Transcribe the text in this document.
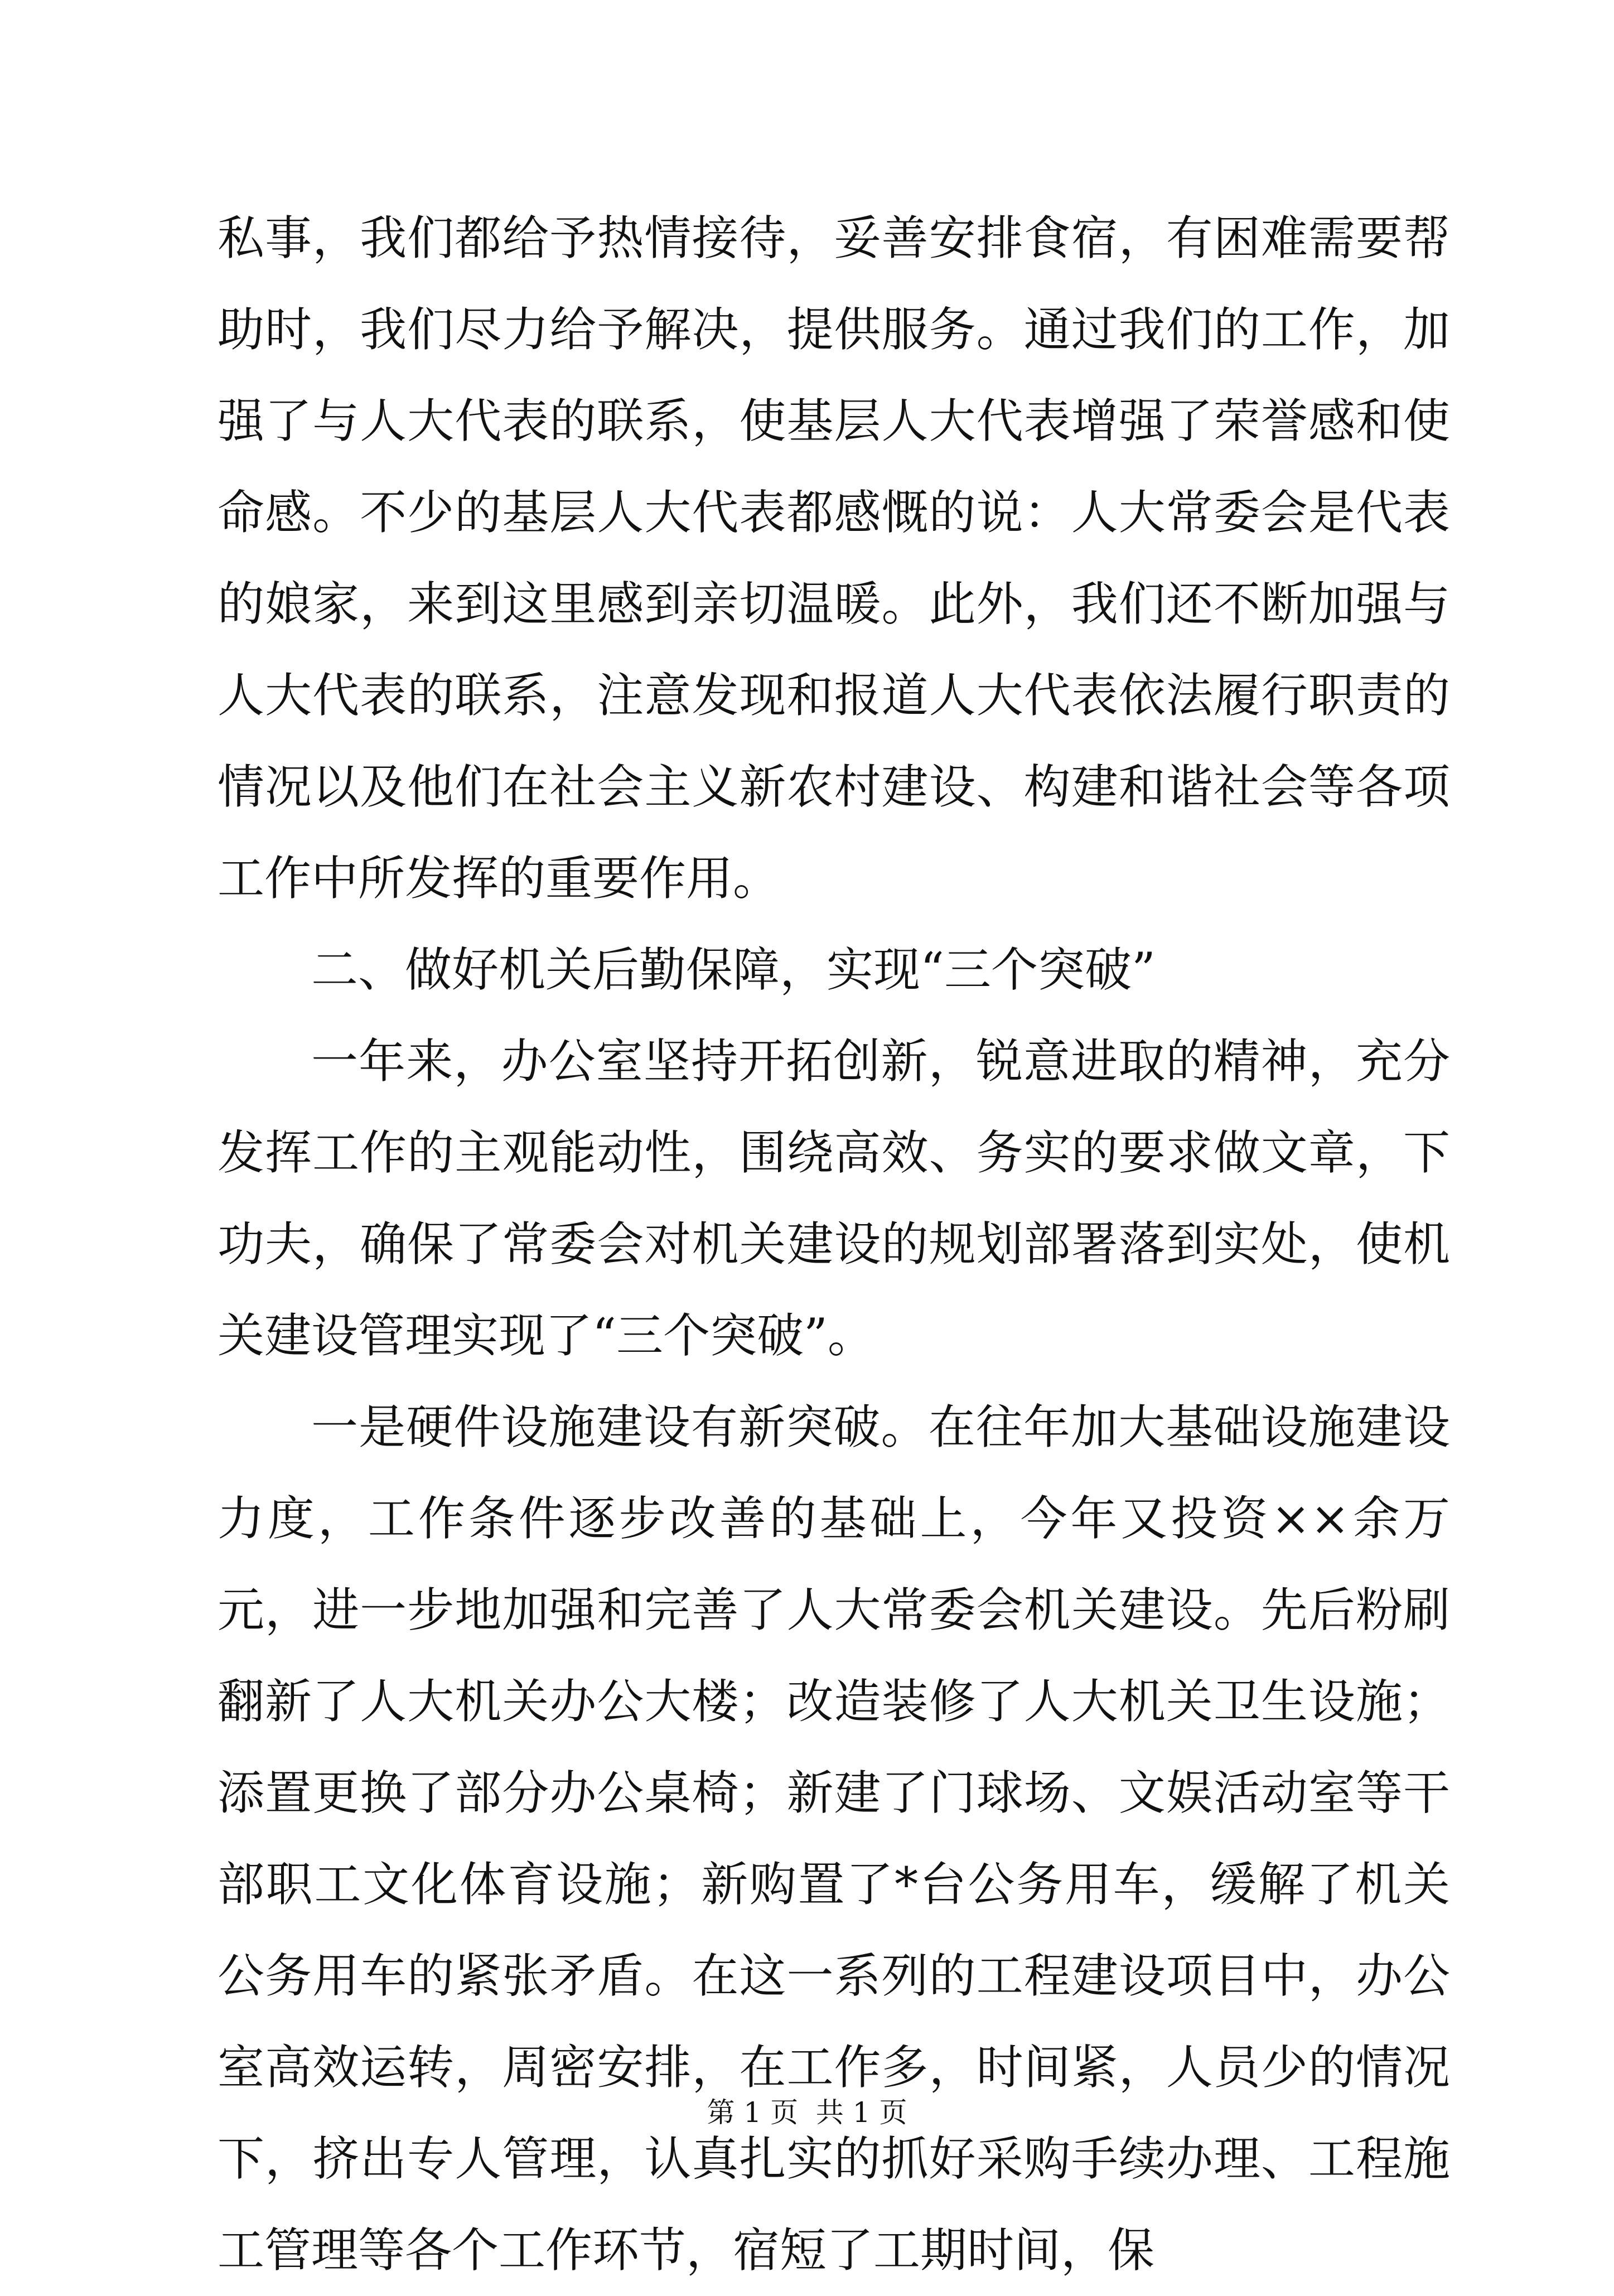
私事，我们都给予热情接待，妥善安排食宿，有困难需要帮助时，我们尽力给予解决，提供服务。通过我们的工作，加强了与人大代表的联系，使基层人大代表增强了荣誉感和使命感。不少的基层人大代表都感慨的说：人大常委会是代表的娘家，来到这里感到亲切温暖。此外，我们还不断加强与人大代表的联系，注意发现和报道人大代表依法履行职责的情况以及他们在社会主义新农村建设、构建和谐社会等各项工作中所发挥的重要作用。

二、做好机关后勤保障，实现“三个突破”

一年来，办公室坚持开拓创新，锐意进取的精神，充分发挥工作的主观能动性，围绕高效、务实的要求做文章，下功夫，确保了常委会对机关建设的规划部署落到实处，使机关建设管理实现了“三个突破”。

一是硬件设施建设有新突破。在往年加大基础设施建设力度，工作条件逐步改善的基础上，今年又投资××余万元，进一步地加强和完善了人大常委会机关建设。先后粉刷翻新了人大机关办公大楼；改造装修了人大机关卫生设施；添置更换了部分办公桌椅；新建了门球场、文娱活动室等干部职工文化体育设施；新购置了*台公务用车，缓解了机关公务用车的紧张矛盾。在这一系列的工程建设项目中，办公室高效运转，周密安排，在工作多，时间紧，人员少的情况下，挤出专人管理，认真扎实的抓好采购手续办理、工程施工管理等各个工作环节，宿短了工期时间，保

第 1 页  共 1 页
